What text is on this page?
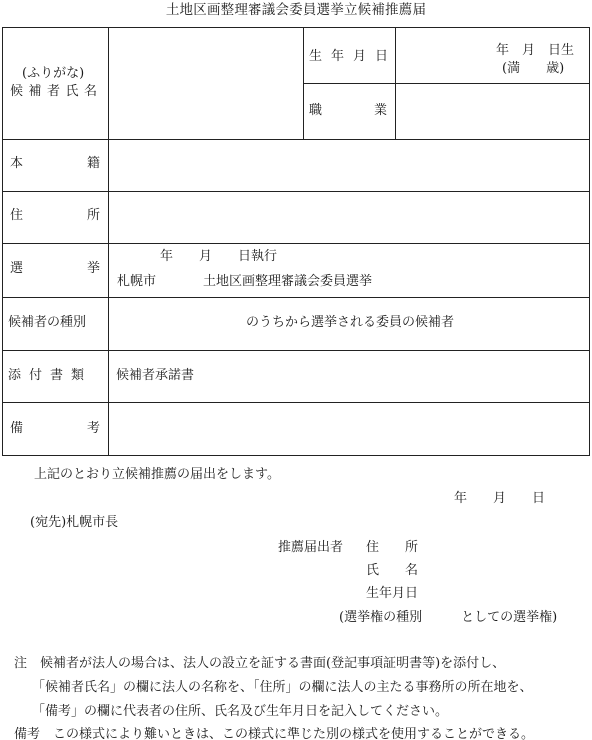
土地区画整理審議会委員選挙立候補推薦届
(ふりがな)
候補者氏名
生年月日	年　月　日生
(満　　歳)
職	業
本	籍
住	所
選	挙
年　　月　　日執行
札幌市	土地区画整理審議会委員選挙
候補者の種別	のうちから選挙される委員の候補者
添付書類 候補者承諾書
備	考
上記のとおり立候補推薦の届出をします。
年　　月　　日
(宛先)札幌市長
推薦届出者 住　　所
氏　　名
生年月日
(選挙権の種別　　　としての選挙権)
注　候補者が法人の場合は、法人の設立を証する書面(登記事項証明書等)を添付し、
「候補者氏名」の欄に法人の名称を、「住所」の欄に法人の主たる事務所の所在地を、
「備考」の欄に代表者の住所、氏名及び生年月日を記入してください。
備考　この様式により難いときは、この様式に準じた別の様式を使用することができる。
